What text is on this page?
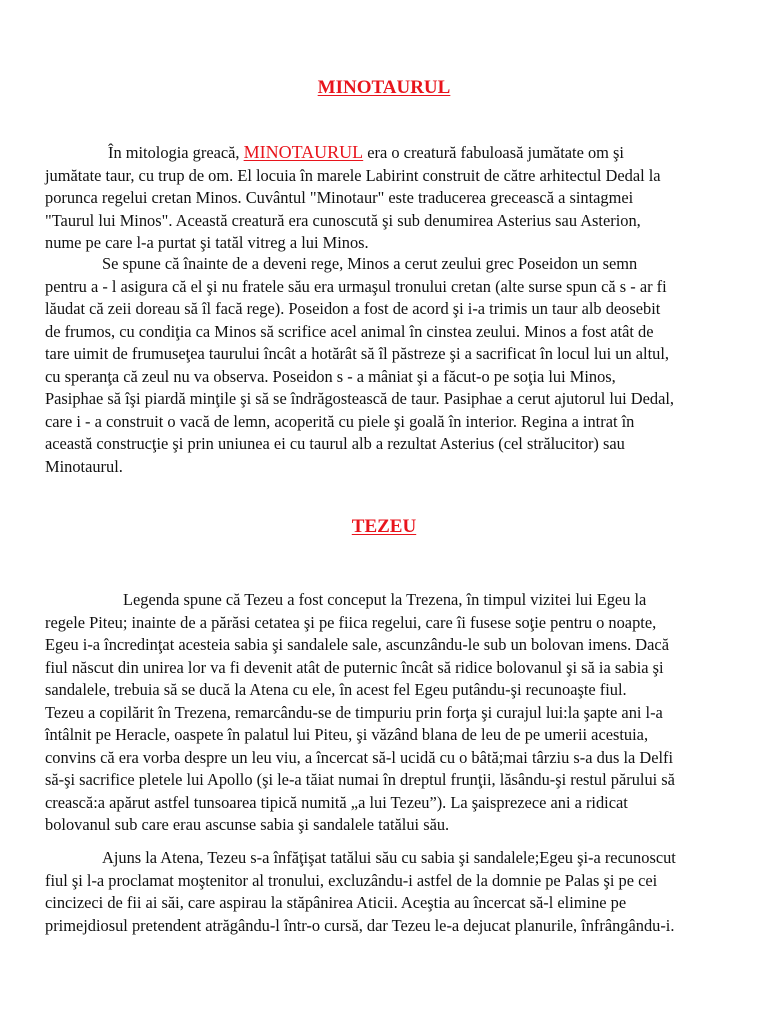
MINOTAURUL

În mitologia greacă, MINOTAURUL era o creatură fabuloasă jumătate om şi
jumătate taur, cu trup de om. El locuia în marele Labirint construit de către arhitectul Dedal la
porunca regelui cretan Minos. Cuvântul "Minotaur" este traducerea grecească a sintagmei
"Taurul lui Minos". Această creatură era cunoscută şi sub denumirea Asterius sau Asterion,
nume pe care l-a purtat şi tatăl vitreg a lui Minos.

Se spune că înainte de a deveni rege, Minos a cerut zeului grec Poseidon un semn
pentru a - l asigura că el şi nu fratele său era urmaşul tronului cretan (alte surse spun că s - ar fi
lăudat că zeii doreau să îl facă rege). Poseidon a fost de acord şi i-a trimis un taur alb deosebit
de frumos, cu condiţia ca Minos să scrifice acel animal în cinstea zeului. Minos a fost atât de
tare uimit de frumuseţea taurului încât a hotărât să îl păstreze şi a sacrificat în locul lui un altul,
cu speranţa că zeul nu va observa. Poseidon s - a mâniat şi a făcut-o pe soţia lui Minos,
Pasiphae să îşi piardă minţile şi să se îndrăgostească de taur. Pasiphae a cerut ajutorul lui Dedal,
care i - a construit o vacă de lemn, acoperită cu piele şi goală în interior. Regina a intrat în
această construcţie şi prin uniunea ei cu taurul alb a rezultat Asterius (cel strălucitor) sau
Minotaurul.

TEZEU

Legenda spune că Tezeu a fost conceput la Trezena, în timpul vizitei lui Egeu la
regele Piteu; inainte de a părăsi cetatea şi pe fiica regelui, care îi fusese soţie pentru o noapte,
Egeu i-a încredinţat acesteia sabia şi sandalele sale, ascunzându-le sub un bolovan imens. Dacă
fiul născut din unirea lor va fi devenit atât de puternic încât să ridice bolovanul şi să ia sabia şi
sandalele, trebuia să se ducă la Atena cu ele, în acest fel Egeu putându-şi recunoaşte fiul.
Tezeu a copilărit în Trezena, remarcându-se de timpuriu prin forţa şi curajul lui:la şapte ani l-a
întâlnit pe Heracle, oaspete în palatul lui Piteu, şi văzând blana de leu de pe umerii acestuia,
convins că era vorba despre un leu viu, a încercat să-l ucidă cu o bâtă;mai târziu s-a dus la Delfi
să-şi sacrifice pletele lui Apollo (şi le-a tăiat numai în dreptul frunţii, lăsându-şi restul părului să
crească:a apărut astfel tunsoarea tipică numită „a lui Tezeu”). La şaisprezece ani a ridicat
bolovanul sub care erau ascunse sabia şi sandalele tatălui său.

Ajuns la Atena, Tezeu s-a înfăţişat tatălui său cu sabia şi sandalele;Egeu şi-a recunoscut
fiul şi l-a proclamat moştenitor al tronului, excluzându-i astfel de la domnie pe Palas şi pe cei
cincizeci de fii ai săi, care aspirau la stăpânirea Aticii. Aceştia au încercat să-l elimine pe
primejdiosul pretendent atrăgându-l într-o cursă, dar Tezeu le-a dejucat planurile, înfrângându-i.
